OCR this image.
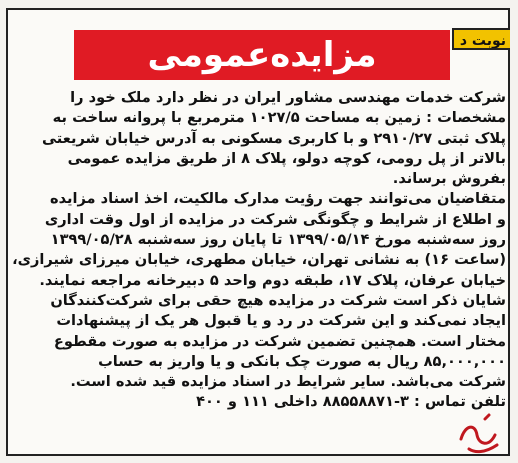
نوبت د
مزایده‌عمومی
شرکت خدمات مهندسی مشاور ایران در نظر دارد ملک خود را
مشخصات : زمین به مساحت ۱۰۲۷/۵ مترمربع با پروانه ساخت به
پلاک ثبتی ۲۹۱۰/۲۷ و با کاربری مسکونی به آدرس خیابان شریعتی
بالاتر از پل رومی، کوچه دولو، پلاک ۸ از طریق مزایده عمومی
بفروش برساند.
متقاضیان می‌توانند جهت رؤیت مدارک مالکیت، اخذ اسناد مزایده
و اطلاع از شرایط و چگونگی شرکت در مزایده از اول وقت اداری
روز سه‌شنبه مورخ ۱۳۹۹/۰۵/۱۴ تا پایان روز سه‌شنبه ۱۳۹۹/۰۵/۲۸
(ساعت ۱۶) به نشانی تهران، خیابان مطهری، خیابان میرزای شیرازی،
خیابان عرفان، پلاک ۱۷، طبقه دوم واحد ۵ دبیرخانه مراجعه نمایند.
شایان ذکر است شرکت در مزایده هیچ حقی برای شرکت‌کنندگان
ایجاد نمی‌کند و این شرکت در رد و یا قبول هر یک از پیشنهادات
مختار است. همچنین تضمین شرکت در مزایده به صورت مقطوع
۸۵,۰۰۰,۰۰۰ ریال به صورت چک بانکی و یا واریز به حساب
شرکت می‌باشد. سایر شرایط در اسناد مزایده قید شده است.
تلفن تماس : ۳-۸۸۵۵۸۸۷۱ داخلی ۱۱۱ و ۴۰۰
